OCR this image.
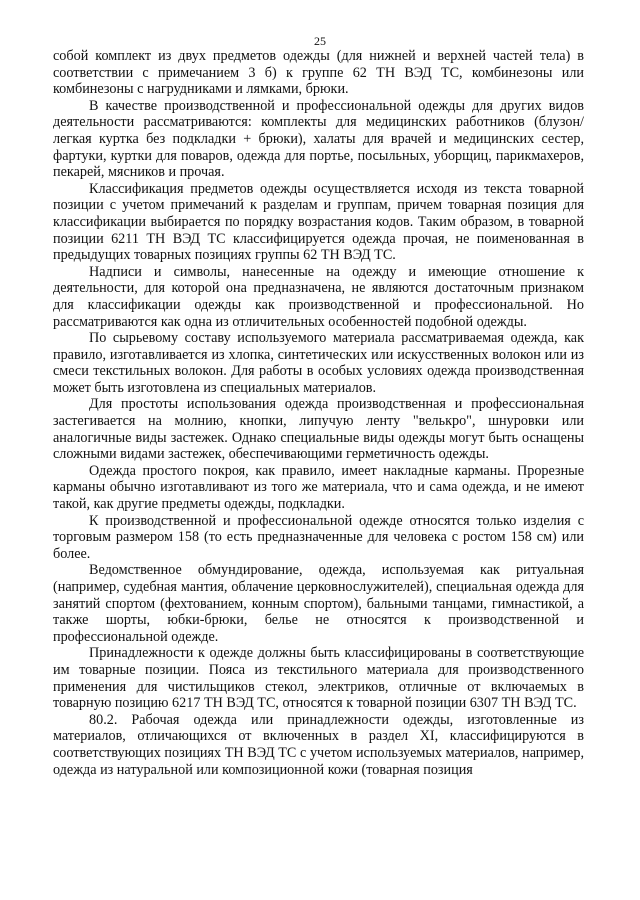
25

собой комплект из двух предметов одежды (для нижней и верхней частей тела) в соответствии с примечанием 3 б) к группе 62 ТН ВЭД ТС, комбинезоны или комбинезоны с нагрудниками и лямками, брюки.

В качестве производственной и профессиональной одежды для других видов деятельности рассматриваются: комплекты для медицинских работников (блузон/легкая куртка без подкладки + брюки), халаты для врачей и медицинских сестер, фартуки, куртки для поваров, одежда для портье, посыльных, уборщиц, парикмахеров, пекарей, мясников и прочая.

Классификация предметов одежды осуществляется исходя из текста товарной позиции с учетом примечаний к разделам и группам, причем товарная позиция для классификации выбирается по порядку возрастания кодов. Таким образом, в товарной позиции 6211 ТН ВЭД ТС классифицируется одежда прочая, не поименованная в предыдущих товарных позициях группы 62 ТН ВЭД ТС.

Надписи и символы, нанесенные на одежду и имеющие отношение к деятельности, для которой она предназначена, не являются достаточным признаком для классификации одежды как производственной и профессиональной. Но рассматриваются как одна из отличительных особенностей подобной одежды.

По сырьевому составу используемого материала рассматриваемая одежда, как правило, изготавливается из хлопка, синтетических или искусственных волокон или из смеси текстильных волокон. Для работы в особых условиях одежда производственная может быть изготовлена из специальных материалов.

Для простоты использования одежда производственная и профессиональная застегивается на молнию, кнопки, липучую ленту "велькро", шнуровки или аналогичные виды застежек. Однако специальные виды одежды могут быть оснащены сложными видами застежек, обеспечивающими герметичность одежды.

Одежда простого покроя, как правило, имеет накладные карманы. Прорезные карманы обычно изготавливают из того же материала, что и сама одежда, и не имеют такой, как другие предметы одежды, подкладки.

К производственной и профессиональной одежде относятся только изделия с торговым размером 158 (то есть предназначенные для человека с ростом 158 см) или более.

Ведомственное обмундирование, одежда, используемая как ритуальная (например, судебная мантия, облачение церковнослужителей), специальная одежда для занятий спортом (фехтованием, конным спортом), бальными танцами, гимнастикой, а также шорты, юбки-брюки, белье не относятся к производственной и профессиональной одежде.

Принадлежности к одежде должны быть классифицированы в соответствующие им товарные позиции. Пояса из текстильного материала для производственного применения для чистильщиков стекол, электриков, отличные от включаемых в товарную позицию 6217 ТН ВЭД ТС, относятся к товарной позиции 6307 ТН ВЭД ТС.

80.2. Рабочая одежда или принадлежности одежды, изготовленные из материалов, отличающихся от включенных в раздел XI, классифицируются в соответствующих позициях ТН ВЭД ТС с учетом используемых материалов, например, одежда из натуральной или композиционной кожи (товарная позиция
